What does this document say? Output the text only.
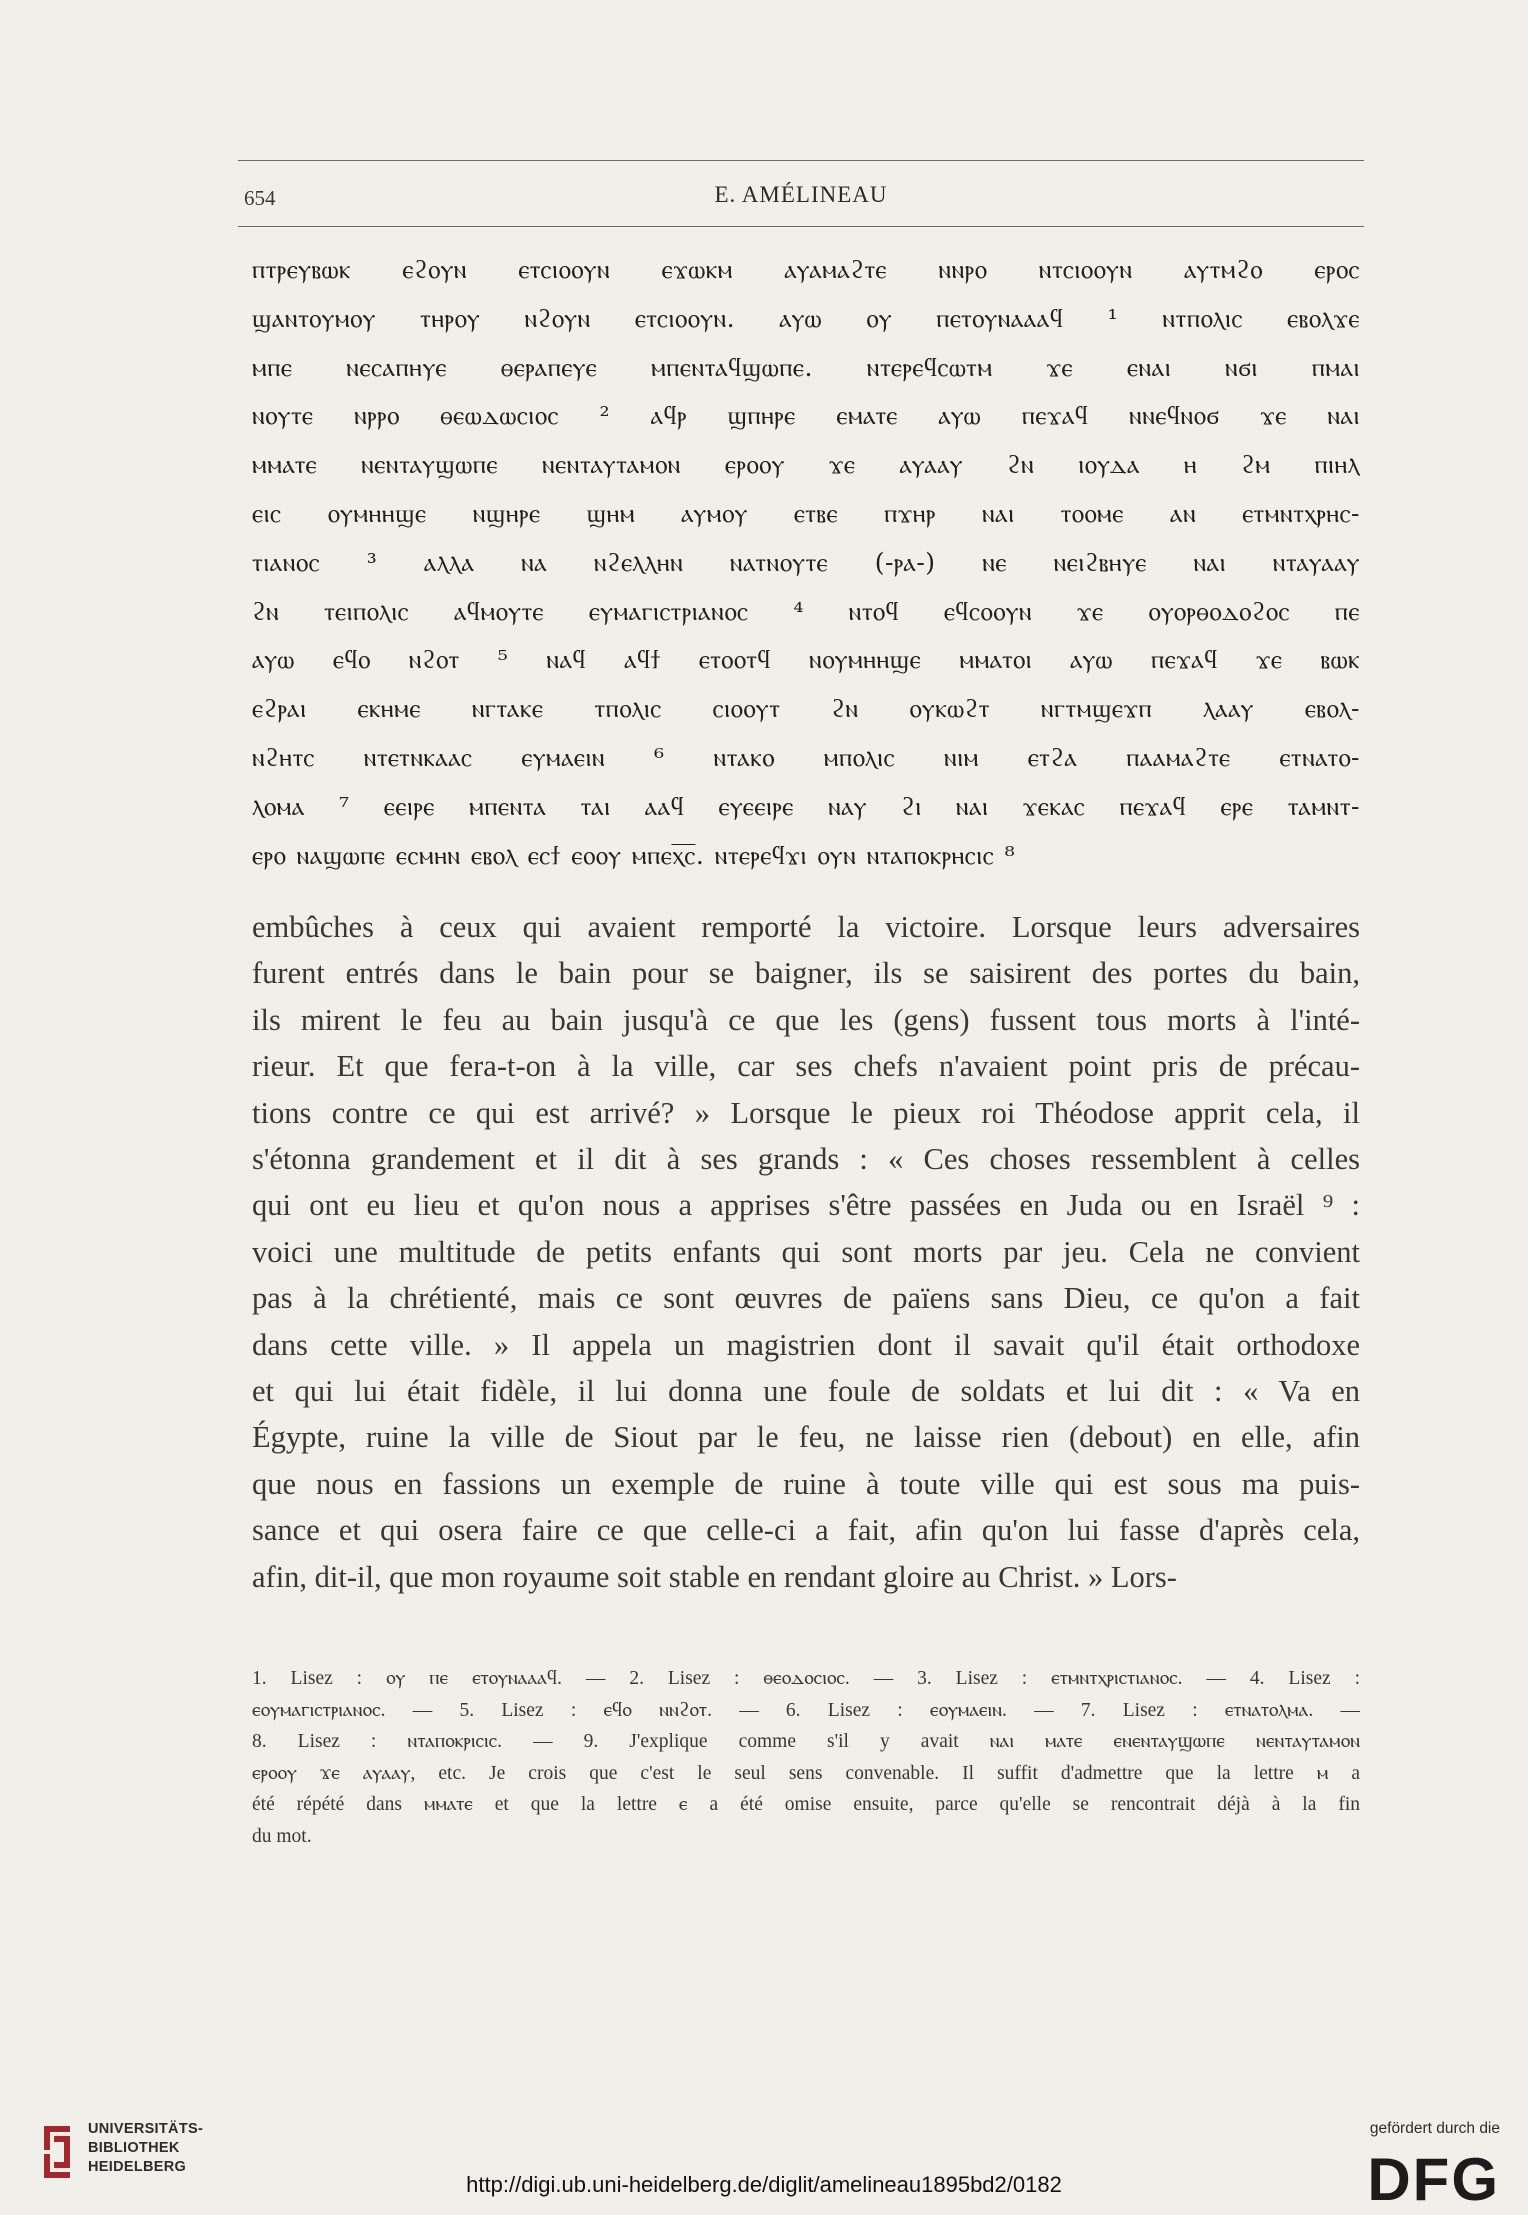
654	E. AMÉLINEAU
ⲡⲧⲣⲉⲩⲃⲱⲕ ⲉϩⲟⲩⲛ ⲉⲧⲥⲓⲟⲟⲩⲛ ⲉϫⲱⲕⲙ ⲁⲩⲁⲙⲁϩⲧⲉ ⲛⲛⲣⲟ ⲛⲧⲥⲓⲟⲟⲩⲛ ⲁⲩⲧⲙϩⲟ ⲉⲣⲟⲥ
ϣⲁⲛⲧⲟⲩⲙⲟⲩ ⲧⲏⲣⲟⲩ ⲛϩⲟⲩⲛ ⲉⲧⲥⲓⲟⲟⲩⲛ. ⲁⲩⲱ ⲟⲩ ⲡⲉⲧⲟⲩⲛⲁⲁⲁϥ ¹ ⲛⲧⲡⲟⲗⲓⲥ ⲉⲃⲟⲗϫⲉ
ⲙⲡⲉ ⲛⲉⲥⲁⲡⲏⲩⲉ ⲑⲉⲣⲁⲡⲉⲩⲉ ⲙⲡⲉⲛⲧⲁϥϣⲱⲡⲉ. ⲛⲧⲉⲣⲉϥⲥⲱⲧⲙ ϫⲉ ⲉⲛⲁⲓ ⲛϭⲓ ⲡⲙⲁⲓ
ⲛⲟⲩⲧⲉ ⲛⲣⲣⲟ ⲑⲉⲱⲇⲱⲥⲓⲟⲥ ² ⲁϥⲣ ϣⲡⲏⲣⲉ ⲉⲙⲁⲧⲉ ⲁⲩⲱ ⲡⲉϫⲁϥ ⲛⲛⲉϥⲛⲟϭ ϫⲉ ⲛⲁⲓ
ⲙⲙⲁⲧⲉ ⲛⲉⲛⲧⲁⲩϣⲱⲡⲉ ⲛⲉⲛⲧⲁⲩⲧⲁⲙⲟⲛ ⲉⲣⲟⲟⲩ ϫⲉ ⲁⲩⲁⲁⲩ ϩⲛ ⲓⲟⲩⲇⲁ ⲏ ϩⲙ ⲡⲓⲏⲗ
ⲉⲓⲥ ⲟⲩⲙⲏⲏϣⲉ ⲛϣⲏⲣⲉ ϣⲏⲙ ⲁⲩⲙⲟⲩ ⲉⲧⲃⲉ ⲡϫⲏⲣ ⲛⲁⲓ ⲧⲟⲟⲙⲉ ⲁⲛ ⲉⲧⲙⲛⲧⲭⲣⲏⲥ-
ⲧⲓⲁⲛⲟⲥ ³ ⲁⲗⲗⲁ ⲛⲁ ⲛϩⲉⲗⲗⲏⲛ ⲛⲁⲧⲛⲟⲩⲧⲉ (-ⲣⲁ-) ⲛⲉ ⲛⲉⲓϩⲃⲏⲩⲉ ⲛⲁⲓ ⲛⲧⲁⲩⲁⲁⲩ
ϩⲛ ⲧⲉⲓⲡⲟⲗⲓⲥ ⲁϥⲙⲟⲩⲧⲉ ⲉⲩⲙⲁⲅⲓⲥⲧⲣⲓⲁⲛⲟⲥ ⁴ ⲛⲧⲟϥ ⲉϥⲥⲟⲟⲩⲛ ϫⲉ ⲟⲩⲟⲣⲑⲟⲇⲟϩⲟⲥ ⲡⲉ
ⲁⲩⲱ ⲉϥⲟ ⲛϩⲟⲧ ⁵ ⲛⲁϥ ⲁϥϯ ⲉⲧⲟⲟⲧϥ ⲛⲟⲩⲙⲏⲏϣⲉ ⲙⲙⲁⲧⲟⲓ ⲁⲩⲱ ⲡⲉϫⲁϥ ϫⲉ ⲃⲱⲕ
ⲉϩⲣⲁⲓ ⲉⲕⲏⲙⲉ ⲛⲅⲧⲁⲕⲉ ⲧⲡⲟⲗⲓⲥ ⲥⲓⲟⲟⲩⲧ ϩⲛ ⲟⲩⲕⲱϩⲧ ⲛⲅⲧⲙϣⲉϫⲡ ⲗⲁⲁⲩ ⲉⲃⲟⲗ-
ⲛϩⲏⲧⲥ ⲛⲧⲉⲧⲛⲕⲁⲁⲥ ⲉⲩⲙⲁⲉⲓⲛ ⁶ ⲛⲧⲁⲕⲟ ⲙⲡⲟⲗⲓⲥ ⲛⲓⲙ ⲉⲧϩⲁ ⲡⲁⲁⲙⲁϩⲧⲉ ⲉⲧⲛⲁⲧⲟ-
ⲗⲟⲙⲁ ⁷ ⲉⲉⲓⲣⲉ ⲙⲡⲉⲛⲧⲁ ⲧⲁⲓ ⲁⲁϥ ⲉⲩⲉⲉⲓⲣⲉ ⲛⲁⲩ ϩⲓ ⲛⲁⲓ ϫⲉⲕⲁⲥ ⲡⲉϫⲁϥ ⲉⲣⲉ ⲧⲁⲙⲛⲧ-
ⲉⲣⲟ ⲛⲁϣⲱⲡⲉ ⲉⲥⲙⲏⲛ ⲉⲃⲟⲗ ⲉⲥϯ ⲉⲟⲟⲩ ⲙⲡⲉⲭ̅ⲥ̅. ⲛⲧⲉⲣⲉϥϫⲓ ⲟⲩⲛ ⲛⲧⲁⲡⲟⲕⲣⲏⲥⲓⲥ ⁸
embûches à ceux qui avaient remporté la victoire. Lorsque leurs adversaires
furent entrés dans le bain pour se baigner, ils se saisirent des portes du bain,
ils mirent le feu au bain jusqu'à ce que les (gens) fussent tous morts à l'inté-
rieur. Et que fera-t-on à la ville, car ses chefs n'avaient point pris de précau-
tions contre ce qui est arrivé? » Lorsque le pieux roi Théodose apprit cela, il
s'étonna grandement et il dit à ses grands : « Ces choses ressemblent à celles
qui ont eu lieu et qu'on nous a apprises s'être passées en Juda ou en Israël ⁹ :
voici une multitude de petits enfants qui sont morts par jeu. Cela ne convient
pas à la chrétienté, mais ce sont œuvres de païens sans Dieu, ce qu'on a fait
dans cette ville. » Il appela un magistrien dont il savait qu'il était orthodoxe
et qui lui était fidèle, il lui donna une foule de soldats et lui dit : « Va en
Égypte, ruine la ville de Siout par le feu, ne laisse rien (debout) en elle, afin
que nous en fassions un exemple de ruine à toute ville qui est sous ma puis-
sance et qui osera faire ce que celle-ci a fait, afin qu'on lui fasse d'après cela,
afin, dit-il, que mon royaume soit stable en rendant gloire au Christ. » Lors-
1. Lisez : ⲟⲩ ⲡⲉ ⲉⲧⲟⲩⲛⲁⲁⲁϥ. — 2. Lisez : ⲑⲉⲟⲇⲟⲥⲓⲟⲥ. — 3. Lisez : ⲉⲧⲙⲛⲧⲭⲣⲓⲥⲧⲓⲁⲛⲟⲥ. — 4. Lisez :
ⲉⲟⲩⲙⲁⲅⲓⲥⲧⲣⲓⲁⲛⲟⲥ. — 5. Lisez : ⲉϥⲟ ⲛⲛϩⲟⲧ. — 6. Lisez : ⲉⲟⲩⲙⲁⲉⲓⲛ. — 7. Lisez : ⲉⲧⲛⲁⲧⲟⲗⲙⲁ. —
8. Lisez : ⲛⲧⲁⲡⲟⲕⲣⲓⲥⲓⲥ. — 9. J'explique comme s'il y avait ⲛⲁⲓ ⲙⲁⲧⲉ ⲉⲛⲉⲛⲧⲁⲩϣⲱⲡⲉ ⲛⲉⲛⲧⲁⲩⲧⲁⲙⲟⲛ
ⲉⲣⲟⲟⲩ ϫⲉ ⲁⲩⲁⲁⲩ, etc. Je crois que c'est le seul sens convenable. Il suffit d'admettre que la lettre ⲙ a
été répété dans ⲙⲙⲁⲧⲉ et que la lettre ⲉ a été omise ensuite, parce qu'elle se rencontrait déjà à la fin
du mot.
UNIVERSITÄTS-
BIBLIOTHEK
HEIDELBERG
http://digi.ub.uni-heidelberg.de/diglit/amelineau1895bd2/0182
gefördert durch die
DFG
